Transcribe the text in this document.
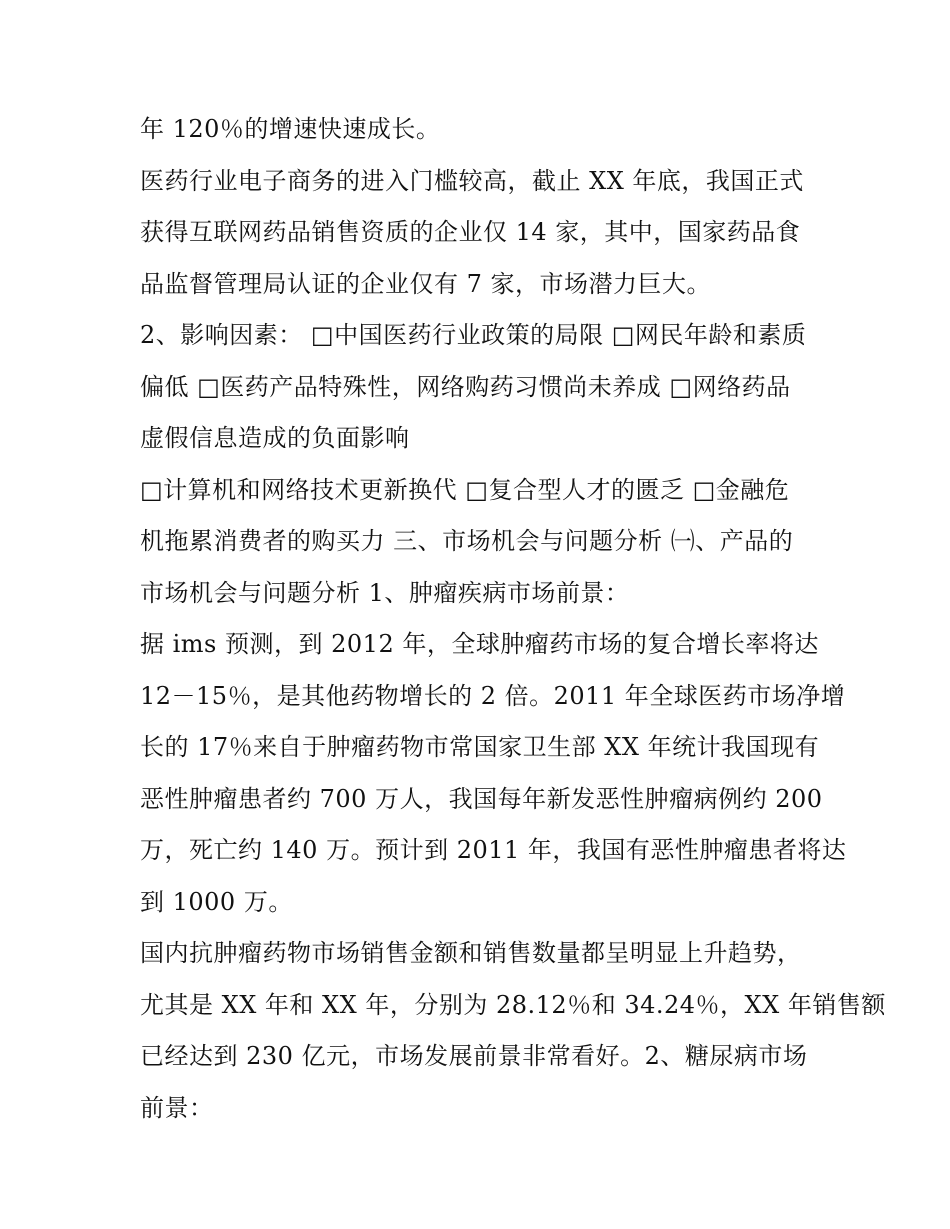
年 120％的增速快速成长。
医药行业电子商务的进入门槛较高，截止 XX 年底，我国正式
获得互联网药品销售资质的企业仅 14 家，其中，国家药品食
品监督管理局认证的企业仅有 7 家，市场潜力巨大。
2、影响因素： □中国医药行业政策的局限 □网民年龄和素质
偏低 □医药产品特殊性，网络购药习惯尚未养成 □网络药品
虚假信息造成的负面影响
□计算机和网络技术更新换代 □复合型人才的匮乏 □金融危
机拖累消费者的购买力 三、市场机会与问题分析 ㈠、产品的
市场机会与问题分析 1、肿瘤疾病市场前景：
据 ims 预测，到 2012 年，全球肿瘤药市场的复合增长率将达
12－15％，是其他药物增长的 2 倍。2011 年全球医药市场净增
长的 17％来自于肿瘤药物市常国家卫生部 XX 年统计我国现有
恶性肿瘤患者约 700 万人，我国每年新发恶性肿瘤病例约 200
万，死亡约 140 万。预计到 2011 年，我国有恶性肿瘤患者将达
到 1000 万。
国内抗肿瘤药物市场销售金额和销售数量都呈明显上升趋势，
尤其是 XX 年和 XX 年，分别为 28.12％和 34.24％，XX 年销售额
已经达到 230 亿元，市场发展前景非常看好。2、糖尿病市场
前景：
